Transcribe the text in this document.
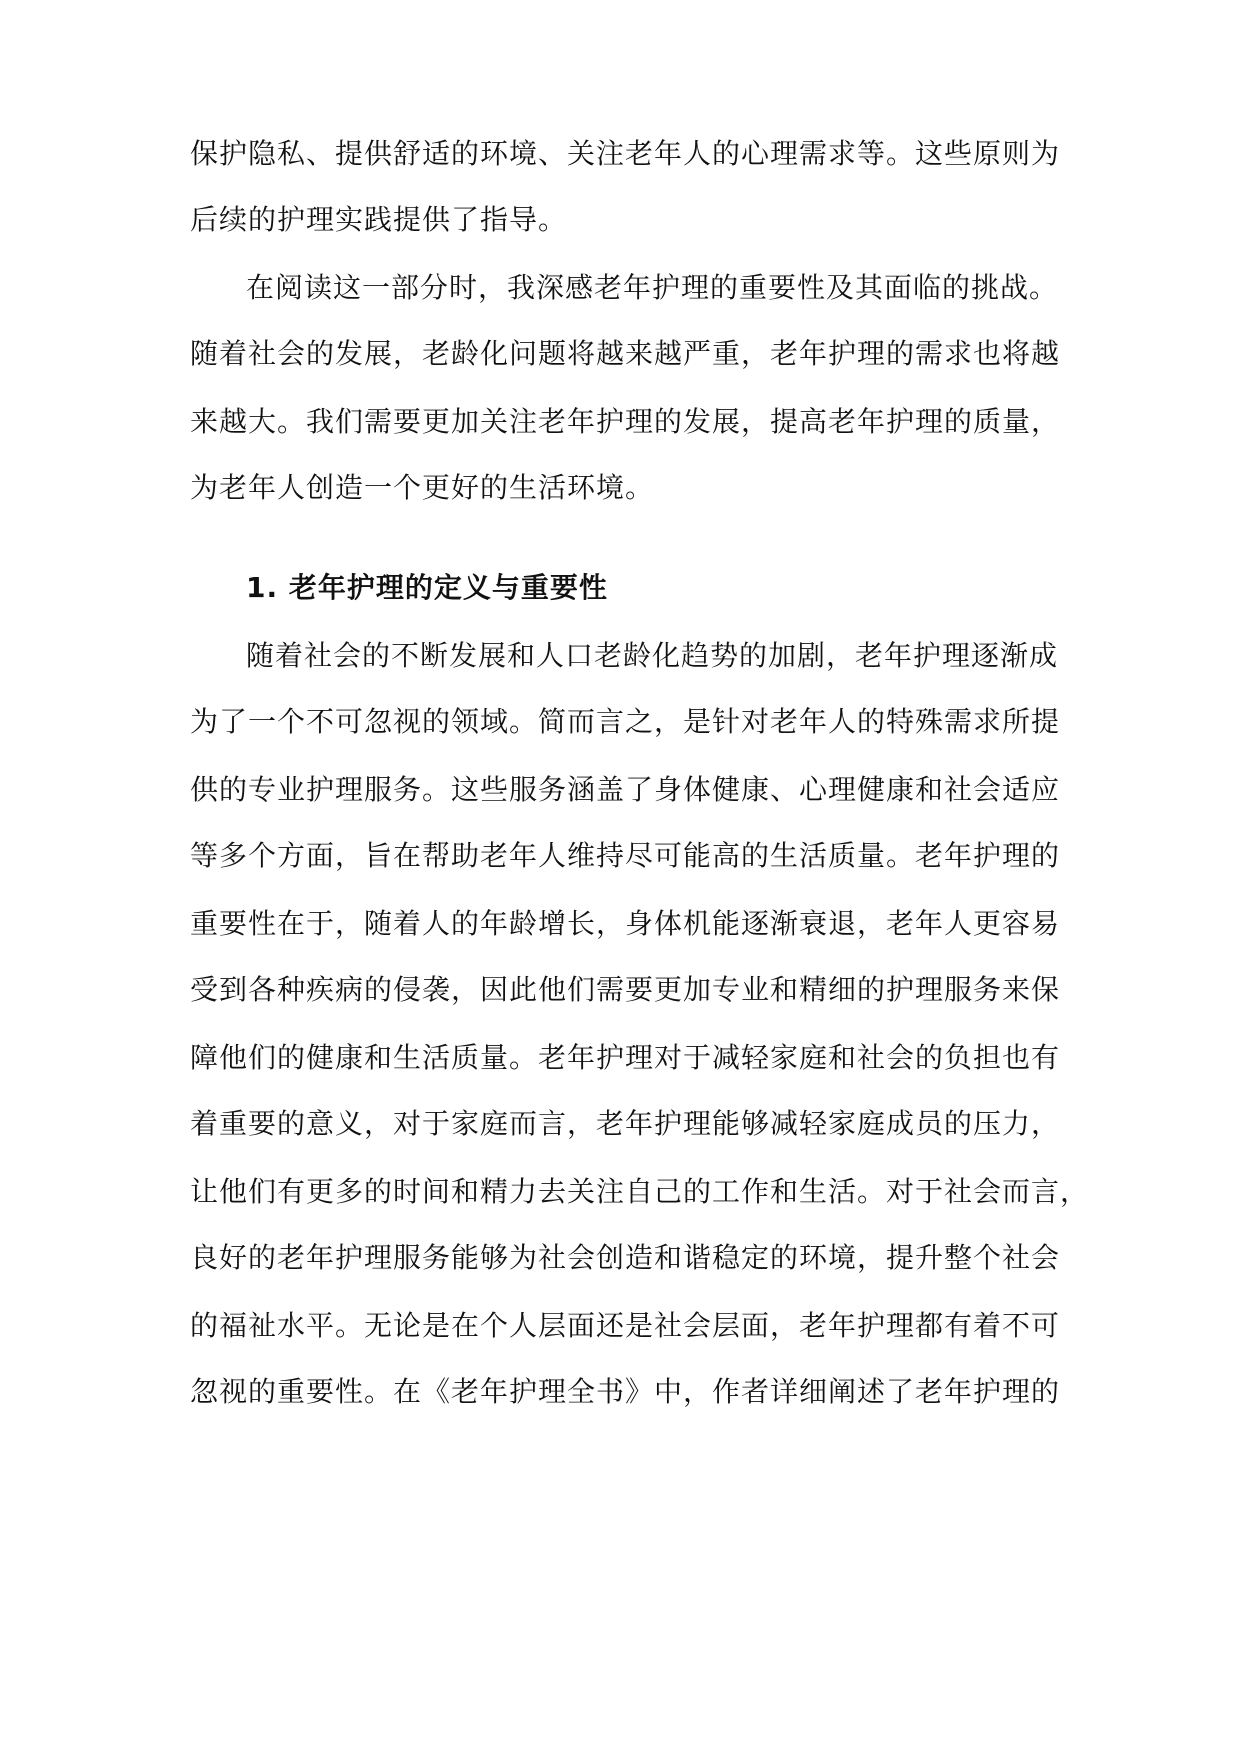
保护隐私、提供舒适的环境、关注老年人的心理需求等。这些原则为
后续的护理实践提供了指导。
在阅读这一部分时，我深感老年护理的重要性及其面临的挑战。
随着社会的发展，老龄化问题将越来越严重，老年护理的需求也将越
来越大。我们需要更加关注老年护理的发展，提高老年护理的质量，
为老年人创造一个更好的生活环境。
1. 老年护理的定义与重要性
随着社会的不断发展和人口老龄化趋势的加剧，老年护理逐渐成
为了一个不可忽视的领域。简而言之，是针对老年人的特殊需求所提
供的专业护理服务。这些服务涵盖了身体健康、心理健康和社会适应
等多个方面，旨在帮助老年人维持尽可能高的生活质量。老年护理的
重要性在于，随着人的年龄增长，身体机能逐渐衰退，老年人更容易
受到各种疾病的侵袭，因此他们需要更加专业和精细的护理服务来保
障他们的健康和生活质量。老年护理对于减轻家庭和社会的负担也有
着重要的意义，对于家庭而言，老年护理能够减轻家庭成员的压力，
让他们有更多的时间和精力去关注自己的工作和生活。对于社会而言，
良好的老年护理服务能够为社会创造和谐稳定的环境，提升整个社会
的福祉水平。无论是在个人层面还是社会层面，老年护理都有着不可
忽视的重要性。在《老年护理全书》中，作者详细阐述了老年护理的
